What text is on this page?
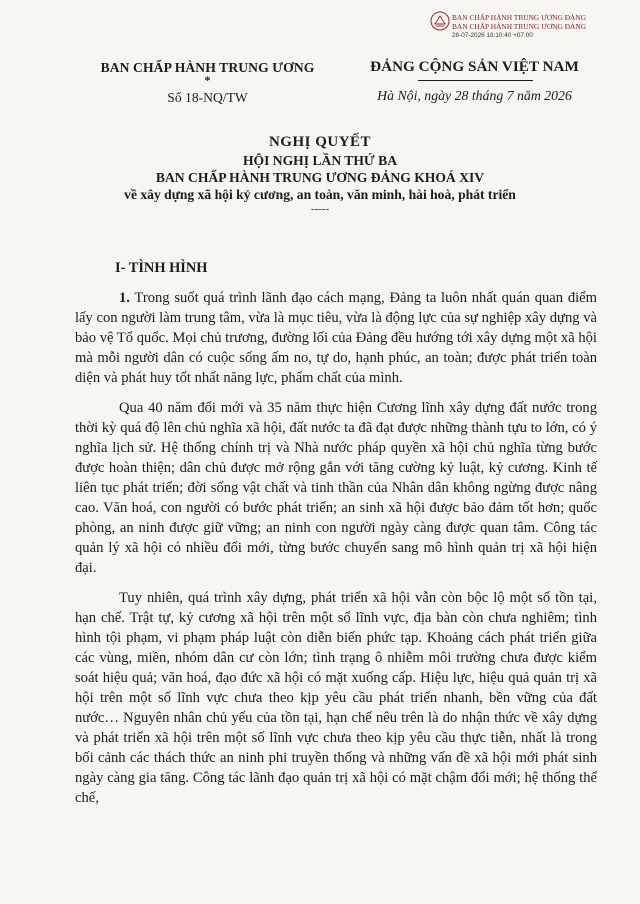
BAN CHẤP HÀNH TRUNG ƯƠNG ĐẢNG
BAN CHẤP HÀNH TRUNG ƯƠNG ĐẢNG
28-07-2026 18:10:40 +07:00
BAN CHẤP HÀNH TRUNG ƯƠNG
*
Số 18-NQ/TW
ĐẢNG CỘNG SẢN VIỆT NAM
Hà Nội, ngày 28 tháng 7 năm 2026
NGHỊ QUYẾT
HỘI NGHỊ LẦN THỨ BA
BAN CHẤP HÀNH TRUNG ƯƠNG ĐẢNG KHOÁ XIV
về xây dựng xã hội kỷ cương, an toàn, văn minh, hài hoà, phát triển
-----
I- TÌNH HÌNH

1. Trong suốt quá trình lãnh đạo cách mạng, Đảng ta luôn nhất quán quan điểm lấy con người làm trung tâm, vừa là mục tiêu, vừa là động lực của sự nghiệp xây dựng và bảo vệ Tổ quốc. Mọi chủ trương, đường lối của Đảng đều hướng tới xây dựng một xã hội mà mỗi người dân có cuộc sống ấm no, tự do, hạnh phúc, an toàn; được phát triển toàn diện và phát huy tốt nhất năng lực, phẩm chất của mình.

Qua 40 năm đổi mới và 35 năm thực hiện Cương lĩnh xây dựng đất nước trong thời kỳ quá độ lên chủ nghĩa xã hội, đất nước ta đã đạt được những thành tựu to lớn, có ý nghĩa lịch sử. Hệ thống chính trị và Nhà nước pháp quyền xã hội chủ nghĩa từng bước được hoàn thiện; dân chủ được mở rộng gắn với tăng cường kỷ luật, kỷ cương. Kinh tế liên tục phát triển; đời sống vật chất và tinh thần của Nhân dân không ngừng được nâng cao. Văn hoá, con người có bước phát triển; an sinh xã hội được bảo đảm tốt hơn; quốc phòng, an ninh được giữ vững; an ninh con người ngày càng được quan tâm. Công tác quản lý xã hội có nhiều đổi mới, từng bước chuyển sang mô hình quản trị xã hội hiện đại.

Tuy nhiên, quá trình xây dựng, phát triển xã hội vẫn còn bộc lộ một số tồn tại, hạn chế. Trật tự, kỷ cương xã hội trên một số lĩnh vực, địa bàn còn chưa nghiêm; tình hình tội phạm, vi phạm pháp luật còn diễn biến phức tạp. Khoảng cách phát triển giữa các vùng, miền, nhóm dân cư còn lớn; tình trạng ô nhiễm môi trường chưa được kiểm soát hiệu quả; văn hoá, đạo đức xã hội có mặt xuống cấp. Hiệu lực, hiệu quả quản trị xã hội trên một số lĩnh vực chưa theo kịp yêu cầu phát triển nhanh, bền vững của đất nước… Nguyên nhân chủ yếu của tồn tại, hạn chế nêu trên là do nhận thức về xây dựng và phát triển xã hội trên một số lĩnh vực chưa theo kịp yêu cầu thực tiễn, nhất là trong bối cảnh các thách thức an ninh phi truyền thống và những vấn đề xã hội mới phát sinh ngày càng gia tăng. Công tác lãnh đạo quản trị xã hội có mặt chậm đổi mới; hệ thống thể chế,
